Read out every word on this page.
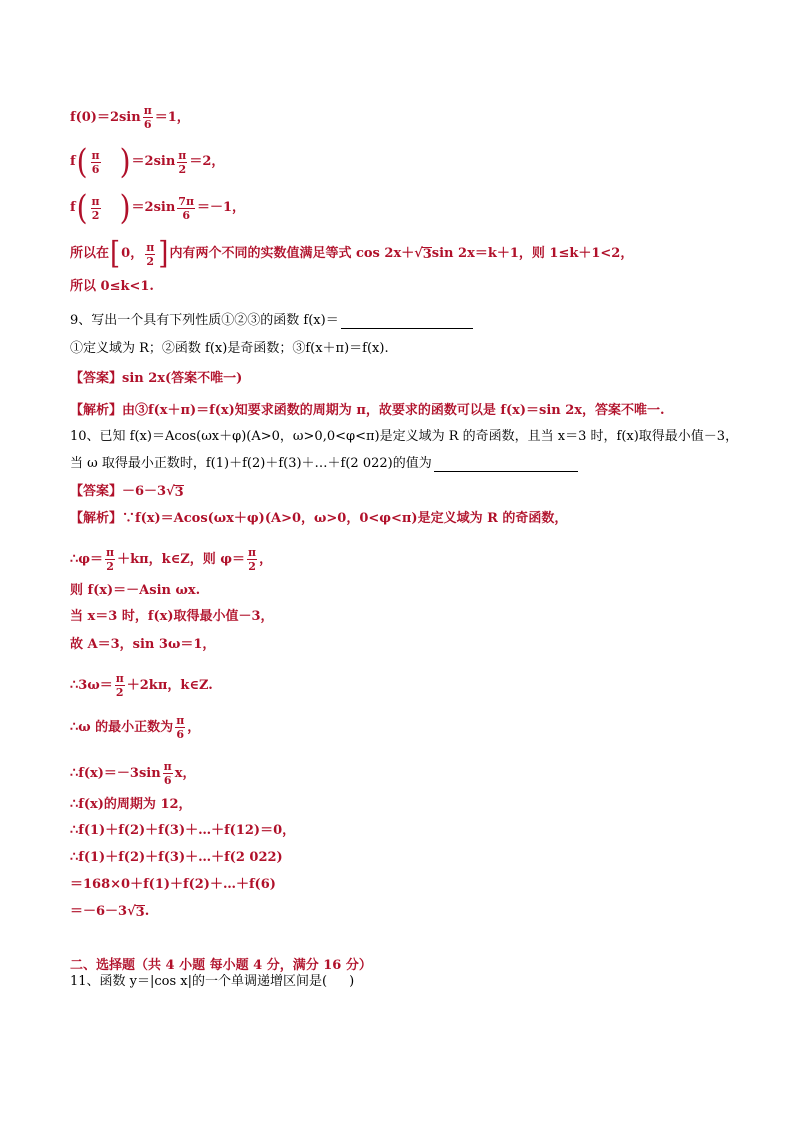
$f(0)=2\sin \frac{\pi}{6} =1$，
f ( $\frac{\pi}{6}$ ) $=2\sin \frac{\pi}{2} =2$，
f ( $\frac{\pi}{2}$ ) $=2\sin \frac{7\pi}{6} =-1$，
所以在 [ 0， $\frac{\pi}{2}$ ] 内有两个不同的实数值满足等式 cos 2x＋ √ 3 sin 2x＝k＋1，则 1≤k＋1<2，
所以 0≤k<1.
9、写出一个具有下列性质①②③的函数 f(x)＝
①定义域为 R；②函数 f(x)是奇函数；③f(x＋π)＝f(x).
【答案】sin 2x(答案不唯一)
【解析】由③f(x＋π)＝f(x)知要求函数的周期为 π，故要求的函数可以是 f(x)＝sin 2x，答案不唯一.
10、已知 f(x)＝Acos(ωx＋φ)(A>0，ω>0,0<φ<π)是定义域为 R 的奇函数，且当 x＝3 时，f(x)取得最小值－3，
当 ω 取得最小正数时，f(1)＋f(2)＋f(3)＋…＋f(2 022)的值为
【答案】－6－3 √ 3
【解析】∵f(x)＝Acos(ωx＋φ)(A>0，ω>0，0<φ<π)是定义域为 R 的奇函数，
∴φ＝ $\frac{\pi}{2} +k\pi$，k∈Z，则 $\varphi= \frac{\pi}{2}$ ，
则 f(x)＝－Asin ωx.
当 x＝3 时，f(x)取得最小值－3，
故 A＝3，sin 3ω＝1，
∴3ω＝ $\frac{\pi}{2} +2k\pi$，k∈Z.
∴ω 的最小正数为 $\frac{\pi}{6}$ ，
∴f(x)＝－3sin $\frac{\pi}{6}$ x，
∴f(x)的周期为 12，
∴f(1)＋f(2)＋f(3)＋…＋f(12)＝0，
∴f(1)＋f(2)＋f(3)＋…＋f(2 022)
＝168×0＋f(1)＋f(2)＋…＋f(6)
＝－6－3 √ 3 .
二、选择题（共 4 小题 每小题 4 分，满分 16 分）
11、函数 y＝|cos x|的一个单调递增区间是( )
